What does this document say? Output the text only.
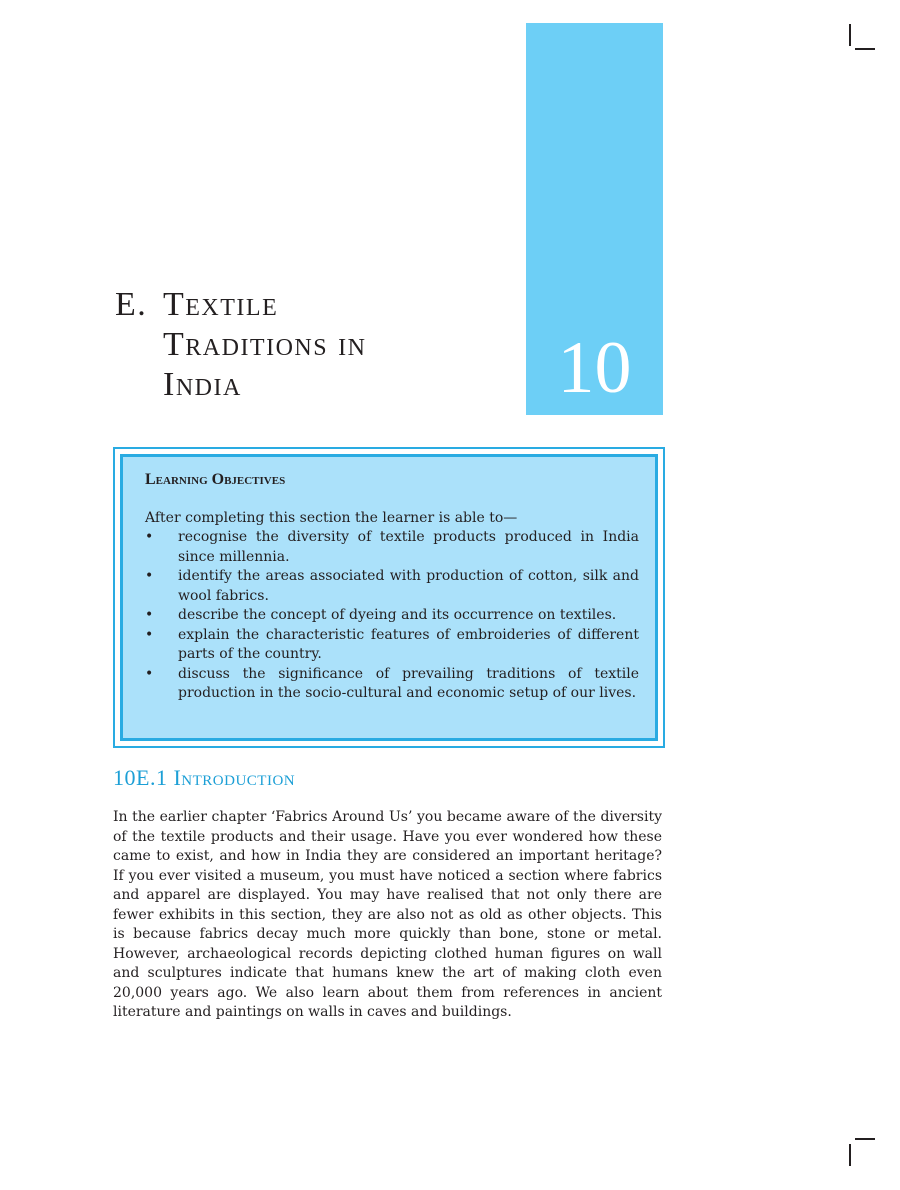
10
E. Textile
Traditions in
India
Learning Objectives
After completing this section the learner is able to—
• recognise the diversity of textile products produced in India since millennia.
• identify the areas associated with production of cotton, silk and wool fabrics.
• describe the concept of dyeing and its occurrence on textiles.
• explain the characteristic features of embroideries of different parts of the country.
• discuss the significance of prevailing traditions of textile production in the socio-cultural and economic setup of our lives.
10E.1 Introduction

In the earlier chapter ‘Fabrics Around Us’ you became aware of the diversity of the textile products and their usage. Have you ever wondered how these came to exist, and how in India they are considered an important heritage? If you ever visited a museum, you must have noticed a section where fabrics and apparel are displayed. You may have realised that not only there are fewer exhibits in this section, they are also not as old as other objects. This is because fabrics decay much more quickly than bone, stone or metal. However, archaeological records depicting clothed human figures on wall and sculptures indicate that humans knew the art of making cloth even 20,000 years ago. We also learn about them from references in ancient literature and paintings on walls in caves and buildings.
